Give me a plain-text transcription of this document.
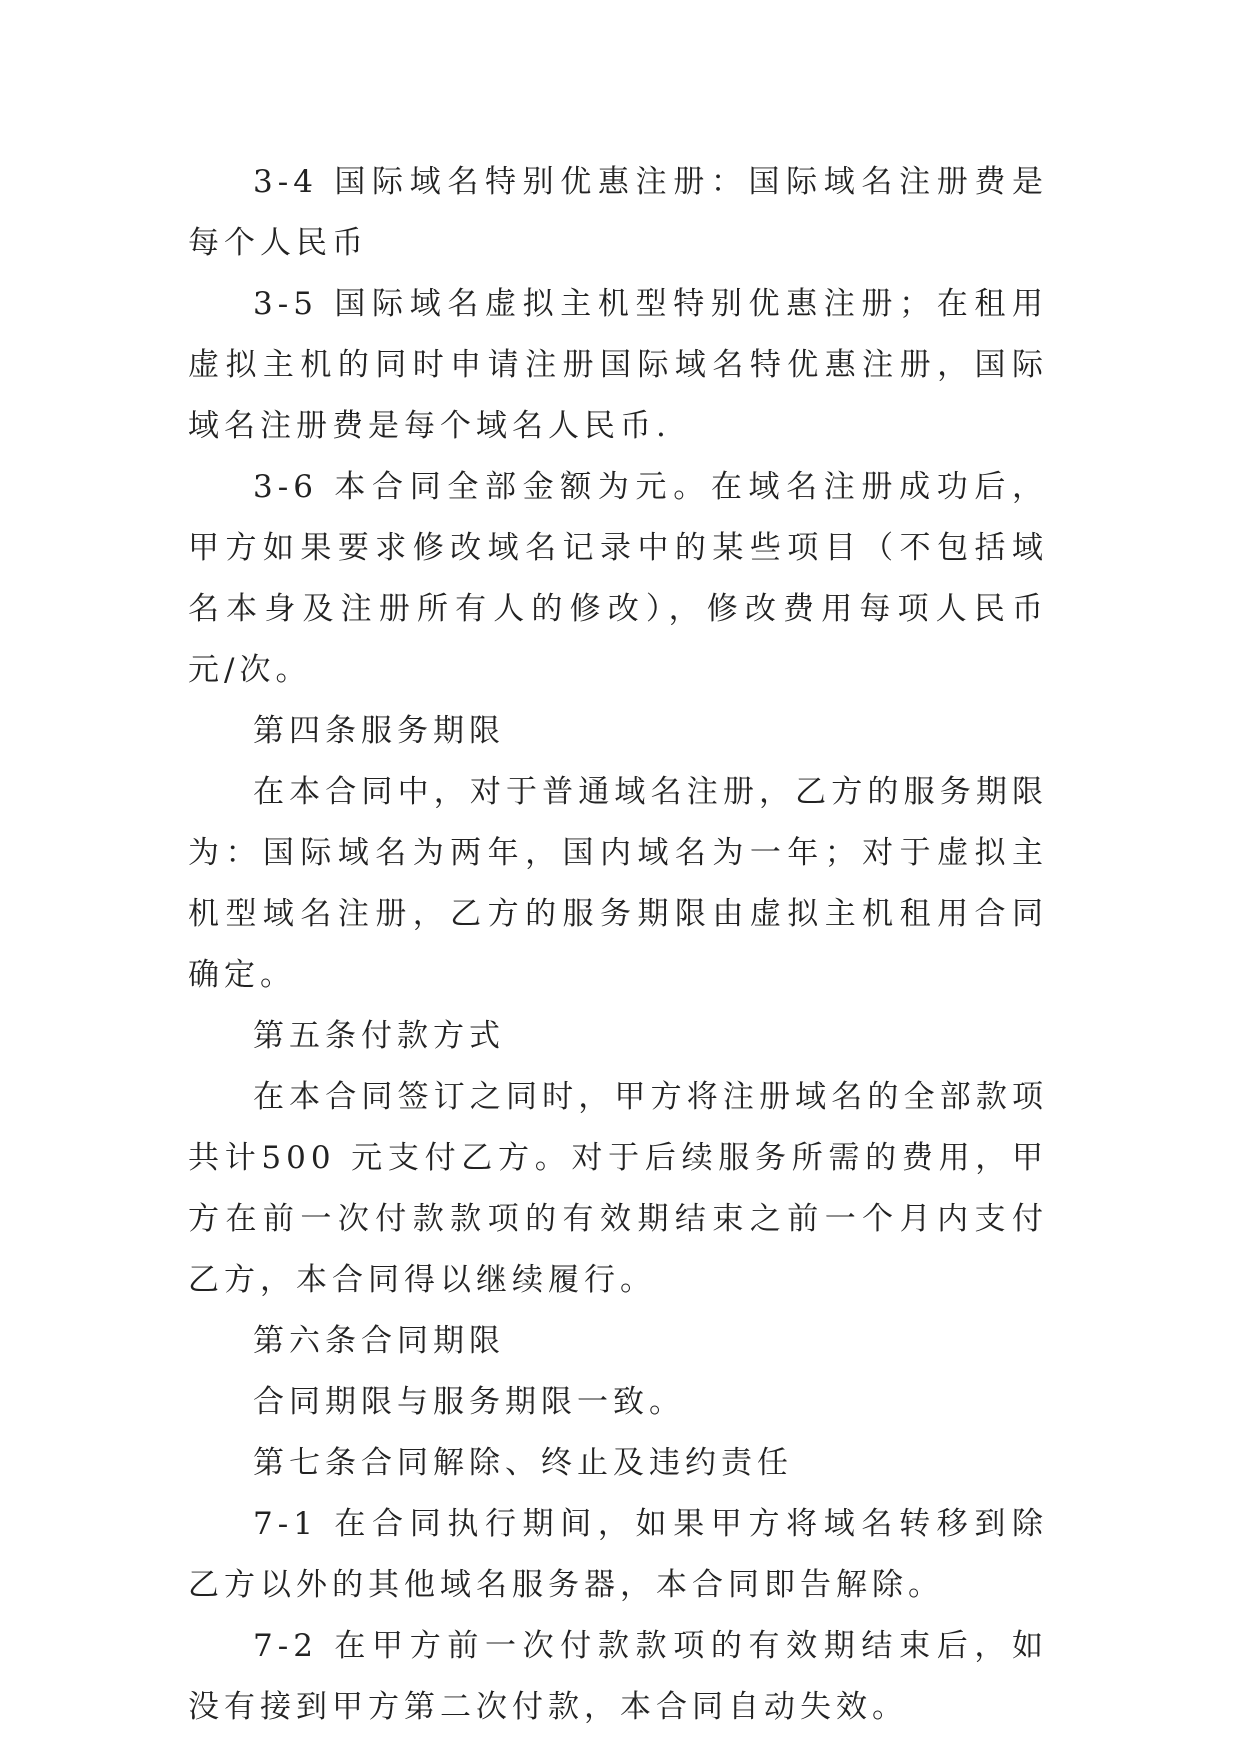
3-4 国际域名特别优惠注册：国际域名注册费是每个人民币

3-5 国际域名虚拟主机型特别优惠注册；在租用虚拟主机的同时申请注册国际域名特优惠注册，国际域名注册费是每个域名人民币.

3-6 本合同全部金额为元。在域名注册成功后，甲方如果要求修改域名记录中的某些项目（不包括域名本身及注册所有人的修改），修改费用每项人民币元/次。

第四条服务期限

在本合同中，对于普通域名注册，乙方的服务期限为：国际域名为两年，国内域名为一年；对于虚拟主机型域名注册，乙方的服务期限由虚拟主机租用合同确定。

第五条付款方式

在本合同签订之同时，甲方将注册域名的全部款项共计500 元支付乙方。对于后续服务所需的费用，甲方在前一次付款款项的有效期结束之前一个月内支付乙方，本合同得以继续履行。

第六条合同期限

合同期限与服务期限一致。

第七条合同解除、终止及违约责任

7-1 在合同执行期间，如果甲方将域名转移到除乙方以外的其他域名服务器，本合同即告解除。

7-2 在甲方前一次付款款项的有效期结束后，如没有接到甲方第二次付款，本合同自动失效。
